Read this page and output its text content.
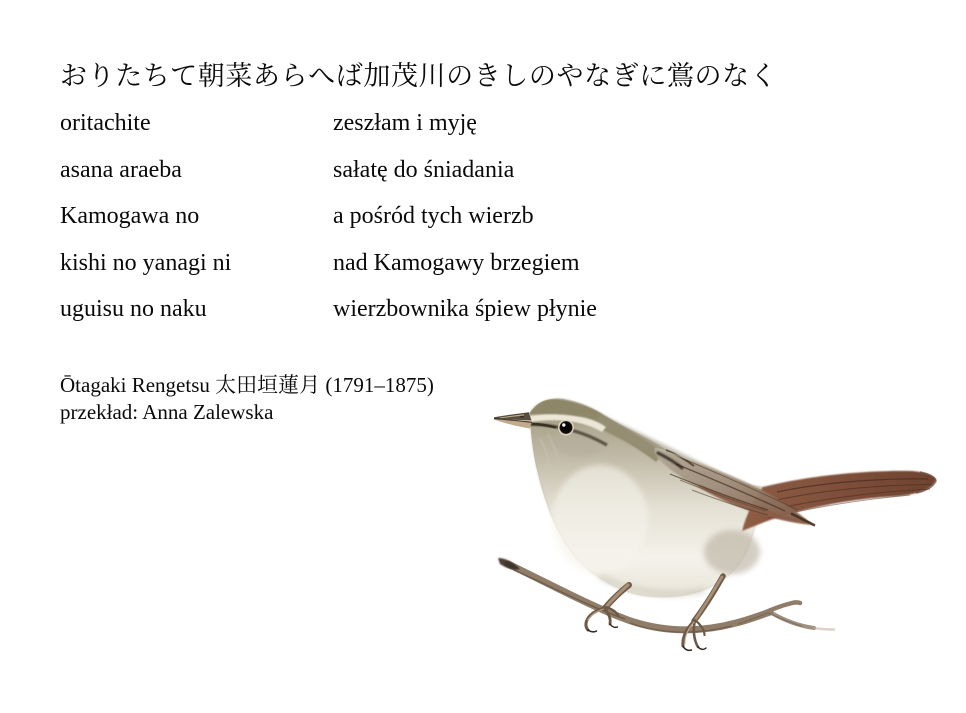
おりたちて朝菜あらへば加茂川のきしのやなぎに鴬のなく
oritachite	zeszłam i myję
asana araeba	sałatę do śniadania
Kamogawa no	a pośród tych wierzb
kishi no yanagi ni	nad Kamogawy brzegiem
uguisu no naku	wierzbownika śpiew płynie
Ōtagaki Rengetsu 太田垣蓮月 (1791–1875)
przekład: Anna Zalewska
